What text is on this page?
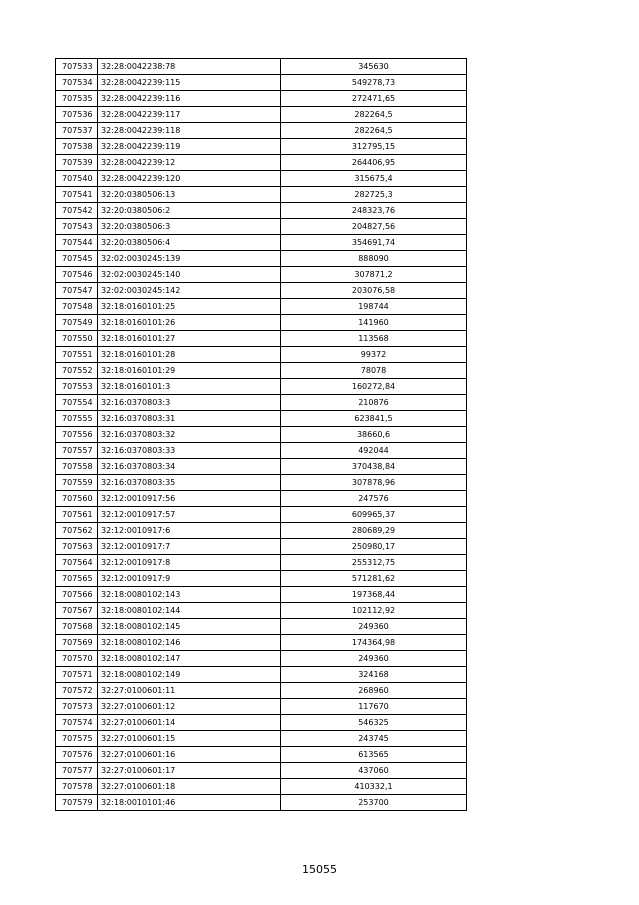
707533	32:28:0042238:78	345630
707534	32:28:0042239:115	549278,73
707535	32:28:0042239:116	272471,65
707536	32:28:0042239:117	282264,5
707537	32:28:0042239:118	282264,5
707538	32:28:0042239:119	312795,15
707539	32:28:0042239:12	264406,95
707540	32:28:0042239:120	315675,4
707541	32:20:0380506:13	282725,3
707542	32:20:0380506:2	248323,76
707543	32:20:0380506:3	204827,56
707544	32:20:0380506:4	354691,74
707545	32:02:0030245:139	888090
707546	32:02:0030245:140	307871,2
707547	32:02:0030245:142	203076,58
707548	32:18:0160101:25	198744
707549	32:18:0160101:26	141960
707550	32:18:0160101:27	113568
707551	32:18:0160101:28	99372
707552	32:18:0160101:29	78078
707553	32:18:0160101:3	160272,84
707554	32:16:0370803:3	210876
707555	32:16:0370803:31	623841,5
707556	32:16:0370803:32	38660,6
707557	32:16:0370803:33	492044
707558	32:16:0370803:34	370438,84
707559	32:16:0370803:35	307878,96
707560	32:12:0010917:56	247576
707561	32:12:0010917:57	609965,37
707562	32:12:0010917:6	280689,29
707563	32:12:0010917:7	250980,17
707564	32:12:0010917:8	255312,75
707565	32:12:0010917:9	571281,62
707566	32:18:0080102:143	197368,44
707567	32:18:0080102:144	102112,92
707568	32:18:0080102:145	249360
707569	32:18:0080102:146	174364,98
707570	32:18:0080102:147	249360
707571	32:18:0080102:149	324168
707572	32:27:0100601:11	268960
707573	32:27:0100601:12	117670
707574	32:27:0100601:14	546325
707575	32:27:0100601:15	243745
707576	32:27:0100601:16	613565
707577	32:27:0100601:17	437060
707578	32:27:0100601:18	410332,1
707579	32:18:0010101:46	253700
15055
